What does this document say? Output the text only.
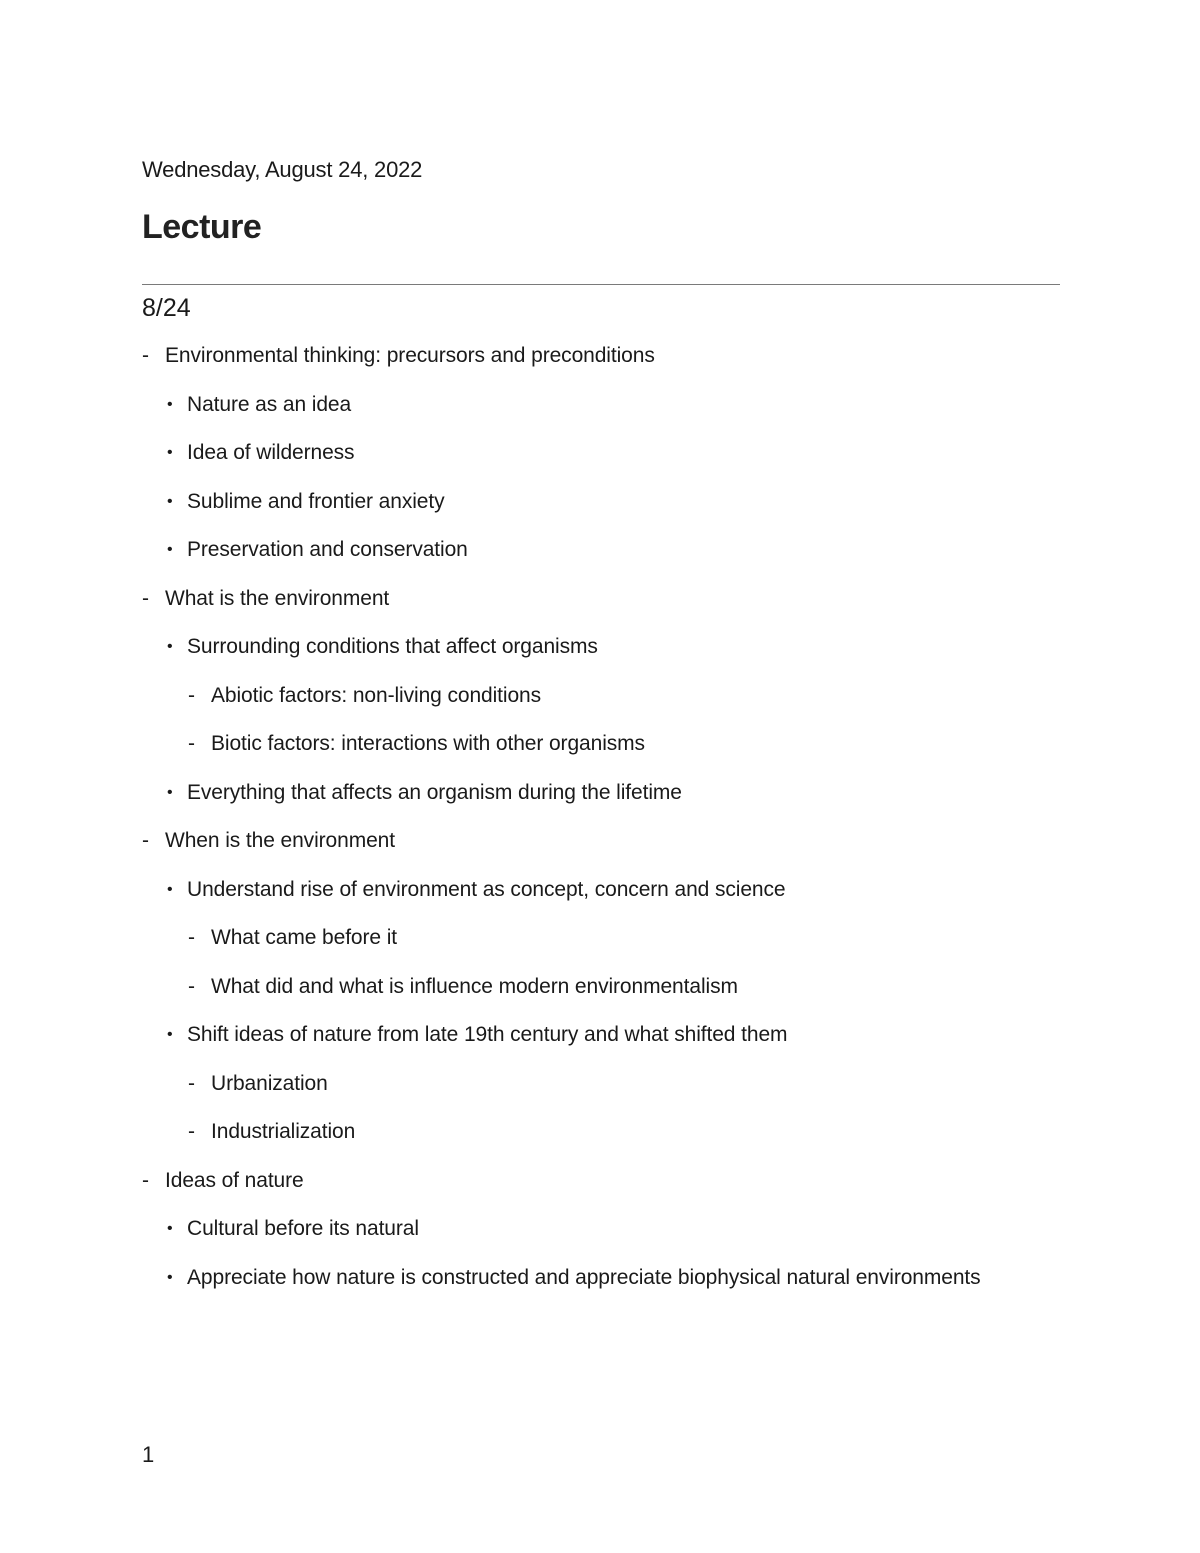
Wednesday, August 24, 2022
Lecture
8/24
- Environmental thinking: precursors and preconditions
• Nature as an idea
• Idea of wilderness
• Sublime and frontier anxiety
• Preservation and conservation
- What is the environment
• Surrounding conditions that affect organisms
- Abiotic factors: non-living conditions
- Biotic factors: interactions with other organisms
• Everything that affects an organism during the lifetime
- When is the environment
• Understand rise of environment as concept, concern and science
- What came before it
- What did and what is influence modern environmentalism
• Shift ideas of nature from late 19th century and what shifted them
- Urbanization
- Industrialization
- Ideas of nature
• Cultural before its natural
• Appreciate how nature is constructed and appreciate biophysical natural environments
1
